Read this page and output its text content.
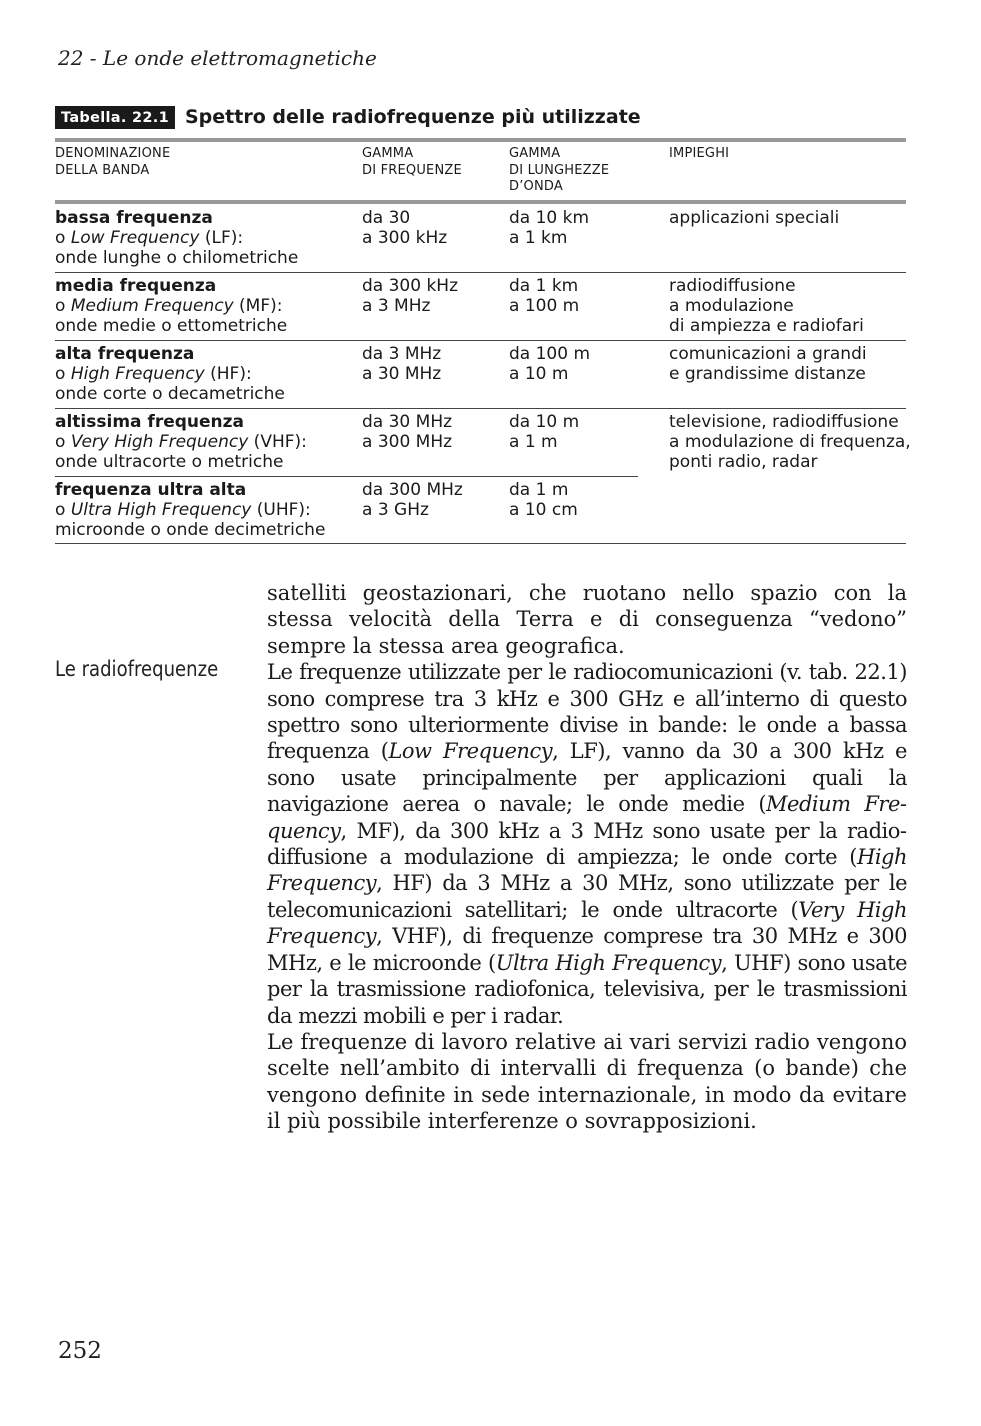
22 - Le onde elettromagnetiche
Tabella. 22.1 Spettro delle radiofrequenze più utilizzate
DENOMINAZIONE
DELLA BANDA
GAMMA
DI FREQUENZE
GAMMA
DI LUNGHEZZE
D’ONDA
IMPIEGHI
bassa frequenza
o Low Frequency (LF):
onde lunghe o chilometriche
da 30
a 300 kHz
da 10 km
a 1 km
applicazioni speciali
media frequenza
o Medium Frequency (MF):
onde medie o ettometriche
da 300 kHz
a 3 MHz
da 1 km
a 100 m
radiodiffusione
a modulazione
di ampiezza e radiofari
alta frequenza
o High Frequency (HF):
onde corte o decametriche
da 3 MHz
a 30 MHz
da 100 m
a 10 m
comunicazioni a grandi
e grandissime distanze
altissima frequenza
o Very High Frequency (VHF):
onde ultracorte o metriche
da 30 MHz
a 300 MHz
da 10 m
a 1 m
televisione, radiodiffusione
a modulazione di frequenza,
ponti radio, radar
frequenza ultra alta
o Ultra High Frequency (UHF):
microonde o onde decimetriche
da 300 MHz
a 3 GHz
da 1 m
a 10 cm
Le radiofrequenze

satelliti geostazionari, che ruotano nello spazio con la stessa velocità della Terra e di conseguenza “vedono” sempre la stessa area geografica.

Le frequenze utilizzate per le radiocomunicazioni (v. tab. 22.1) sono comprese tra 3 kHz e 300 GHz e all’interno di questo spettro sono ulteriormente divise in bande: le onde a bassa frequenza (Low Frequency, LF), vanno da 30 a 300 kHz e sono usate principalmente per applicazioni quali la navigazione aerea o navale; le onde medie (Medium Frequency, MF), da 300 kHz a 3 MHz sono usate per la radiodiffusione a modulazione di ampiezza; le onde corte (High Frequency, HF) da 3 MHz a 30 MHz, sono utilizzate per le telecomunicazioni satellitari; le onde ultracorte (Very High Frequency, VHF), di frequenze comprese tra 30 MHz e 300 MHz, e le microonde (Ultra High Frequency, UHF) sono usate per la trasmissione radiofonica, televisiva, per le trasmissioni da mezzi mobili e per i radar.

Le frequenze di lavoro relative ai vari servizi radio vengono scelte nell’ambito di intervalli di frequenza (o bande) che vengono definite in sede internazionale, in modo da evitare il più possibile interferenze o sovrapposizioni.

252
